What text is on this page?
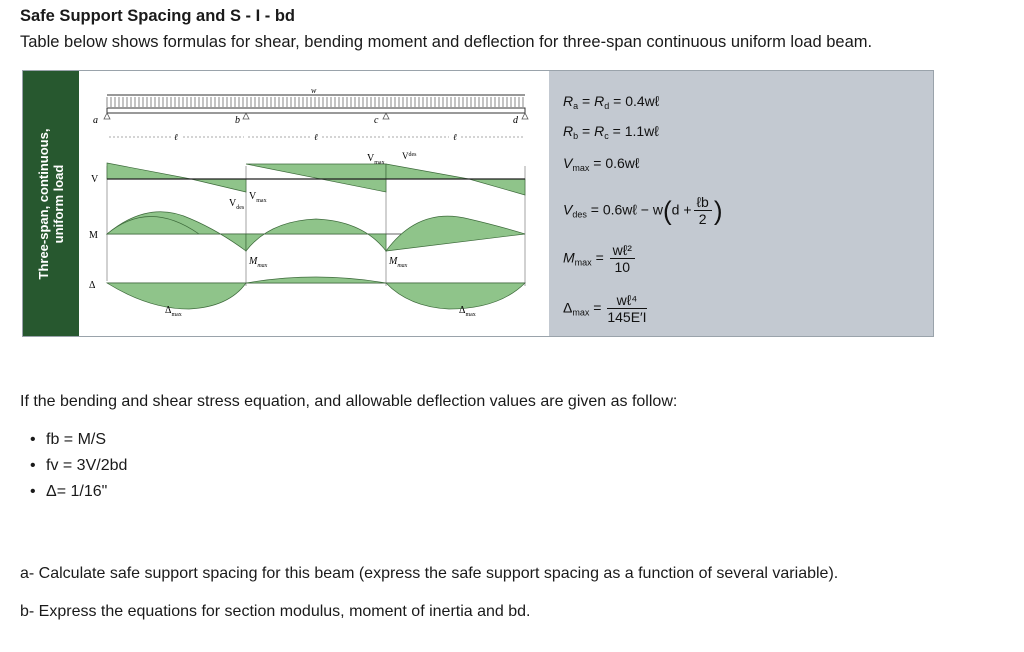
Safe Support Spacing and S - I - bd
Table below shows formulas for shear, bending moment and deflection for three-span continuous uniform load beam.
Three-span, continuous, uniform load
w
a	b	c	d
ℓ	ℓ	ℓ
V
$V_{des}$
$V_{max}$
$V_{max}$
$V^{des}$
M
$M_{max}$	$M_{max}$
Δ
$\Delta_{max}$	$\Delta_{max}$
$R_a = R_d$ = 0.4wℓ
$R_b = R_c$ = 1.1wℓ
$V_{max}$ = 0.6wℓ
$V_{des}$ = 0.6wℓ − $w(d + \frac{\text{ℓb}}{2}$ )
$M_{max} = \frac{\text{wℓ²}}{10}$
$\Delta_{max} = \frac{\text{wℓ⁴}}{145E'I}$
If the bending and shear stress equation, and allowable deflection values are given as follow:
• fb = M/S
• fv = 3V/2bd
• Δ= 1/16"
a- Calculate safe support spacing for this beam (express the safe support spacing as a function of several variable).
b- Express the equations for section modulus, moment of inertia and bd.
